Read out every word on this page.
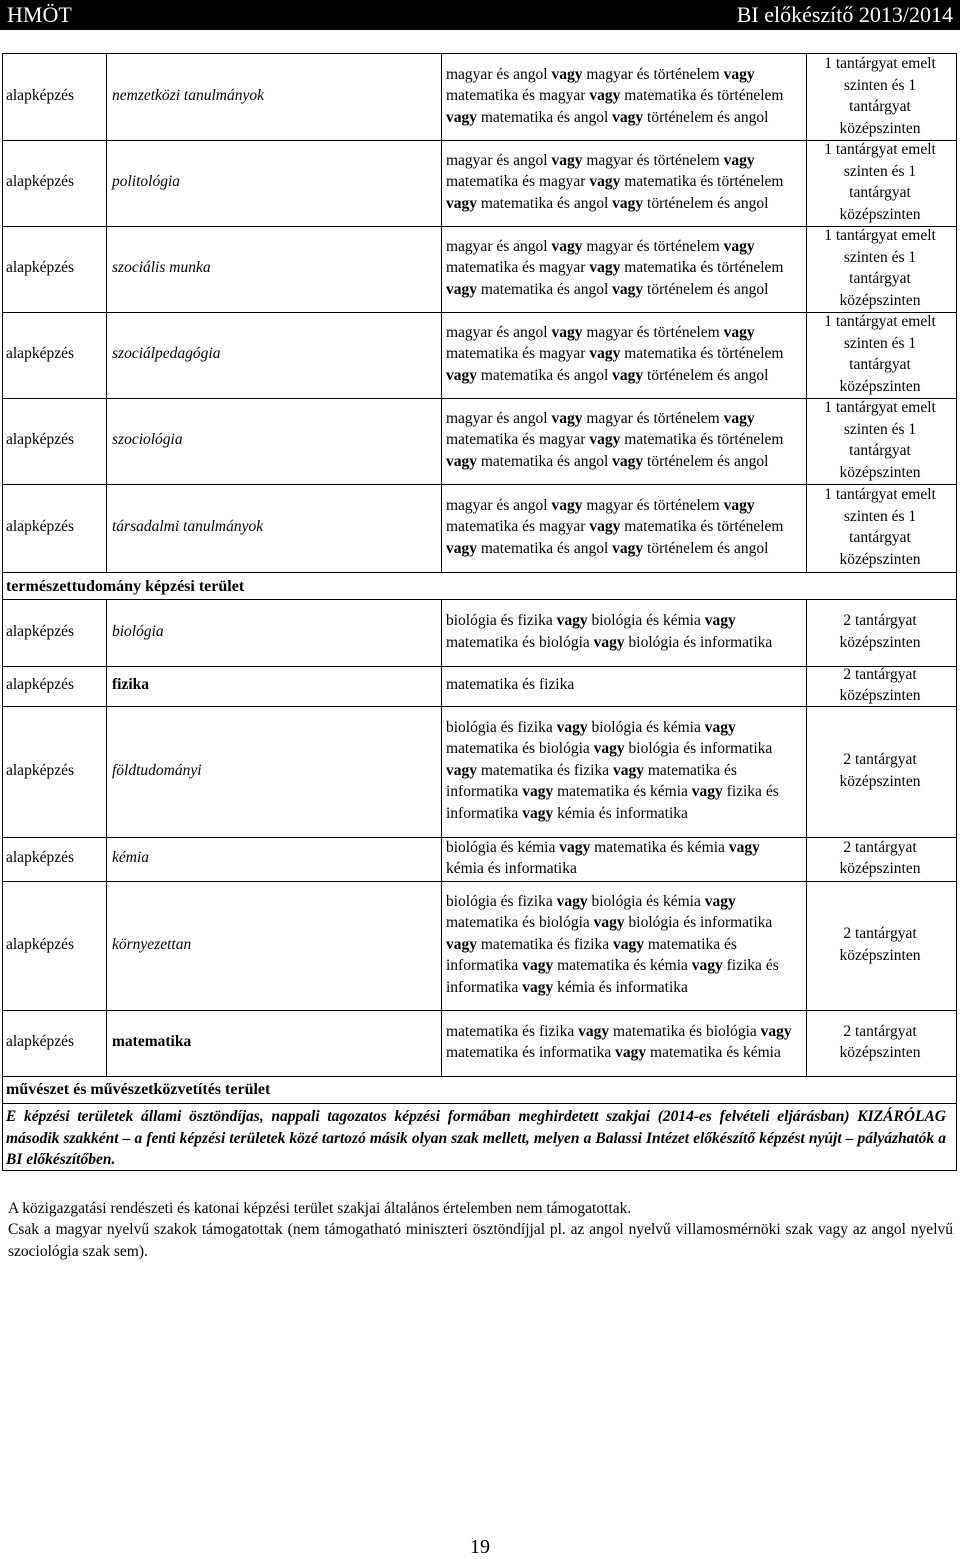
HMÖT	BI előkészítő 2013/2014
alapképzés nemzetközi tanulmányok
magyar és angol vagy magyar és történelem vagy matematika és magyar vagy matematika és történelem vagy matematika és angol vagy történelem és angol
1 tantárgyat emelt
szinten és 1
tantárgyat
középszinten
alapképzés politológia
magyar és angol vagy magyar és történelem vagy matematika és magyar vagy matematika és történelem vagy matematika és angol vagy történelem és angol
1 tantárgyat emelt
szinten és 1
tantárgyat
középszinten
alapképzés szociális munka
magyar és angol vagy magyar és történelem vagy matematika és magyar vagy matematika és történelem vagy matematika és angol vagy történelem és angol
1 tantárgyat emelt
szinten és 1
tantárgyat
középszinten
alapképzés szociálpedagógia
magyar és angol vagy magyar és történelem vagy matematika és magyar vagy matematika és történelem vagy matematika és angol vagy történelem és angol
1 tantárgyat emelt
szinten és 1
tantárgyat
középszinten
alapképzés szociológia
magyar és angol vagy magyar és történelem vagy matematika és magyar vagy matematika és történelem vagy matematika és angol vagy történelem és angol
1 tantárgyat emelt
szinten és 1
tantárgyat
középszinten
alapképzés társadalmi tanulmányok
magyar és angol vagy magyar és történelem vagy matematika és magyar vagy matematika és történelem vagy matematika és angol vagy történelem és angol
1 tantárgyat emelt
szinten és 1
tantárgyat
középszinten
alapképzés biológia
biológia és fizika vagy biológia és kémia vagy matematika és biológia vagy biológia és informatika
2 tantárgyat
középszinten
alapképzés fizika	matematika és fizika
2 tantárgyat
középszinten
alapképzés földtudományi
biológia és fizika vagy biológia és kémia vagy matematika és biológia vagy biológia és informatika vagy matematika és fizika vagy matematika és informatika vagy matematika és kémia vagy fizika és informatika vagy kémia és informatika
2 tantárgyat
középszinten
alapképzés kémia
biológia és kémia vagy matematika és kémia vagy kémia és informatika
2 tantárgyat
középszinten
alapképzés környezettan
biológia és fizika vagy biológia és kémia vagy matematika és biológia vagy biológia és informatika vagy matematika és fizika vagy matematika és informatika vagy matematika és kémia vagy fizika és informatika vagy kémia és informatika
2 tantárgyat
középszinten
alapképzés matematika
matematika és fizika vagy matematika és biológia vagy matematika és informatika vagy matematika és kémia
2 tantárgyat
középszinten
természettudomány képzési terület
művészet és művészetközvetítés terület
E képzési területek állami ösztöndíjas, nappali tagozatos képzési formában meghirdetett szakjai (2014-es felvételi eljárásban) KIZÁRÓLAG második szakként – a fenti képzési területek közé tartozó másik olyan szak mellett, melyen a Balassi Intézet előkészítő képzést nyújt – pályázhatók a BI előkészítőben.
A közigazgatási rendészeti és katonai képzési terület szakjai általános értelemben nem támogatottak.
Csak a magyar nyelvű szakok támogatottak (nem támogatható miniszteri ösztöndíjjal pl. az angol nyelvű villamosmérnöki szak vagy az angol nyelvű szociológia szak sem).
19
